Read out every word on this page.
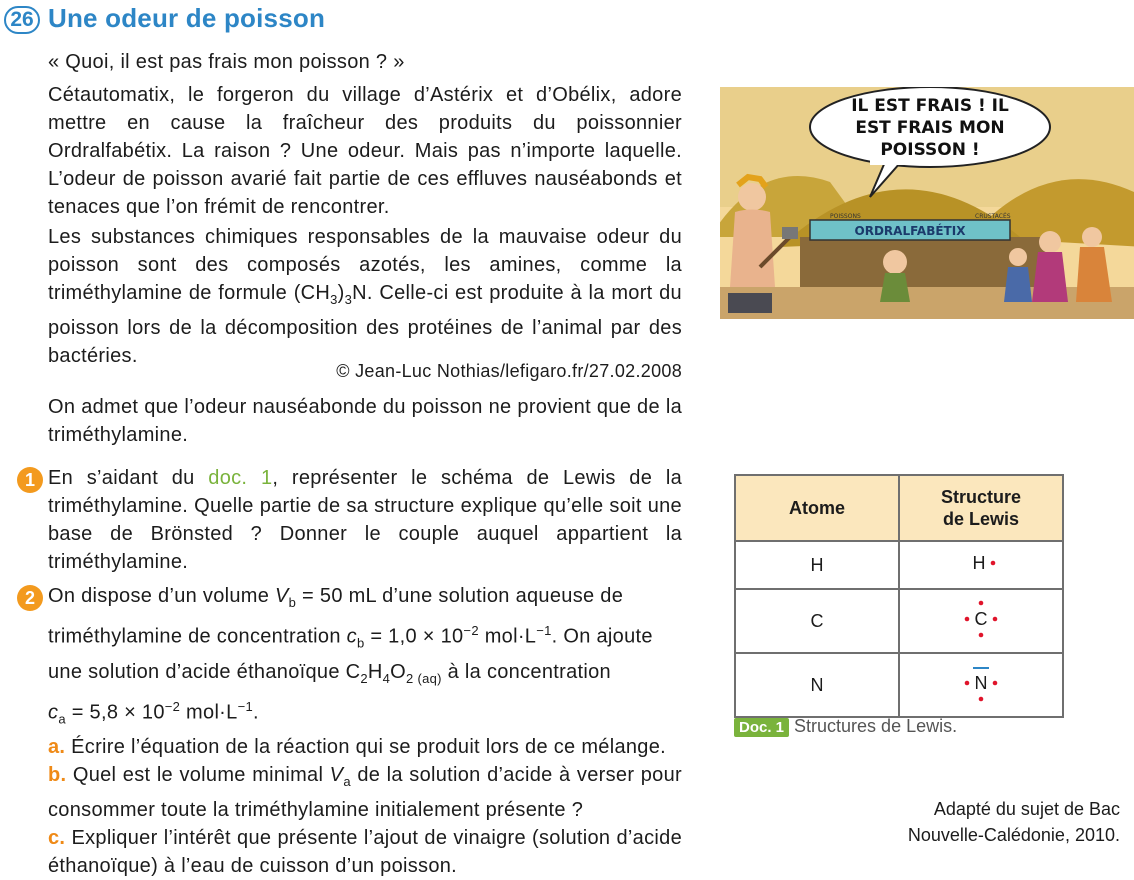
26 Une odeur de poisson
« Quoi, il est pas frais mon poisson ? »
Cétautomatix, le forgeron du village d’Astérix et d’Obélix, adore mettre en cause la fraîcheur des produits du poissonnier Ordralfabétix. La raison ? Une odeur. Mais pas n’importe laquelle. L’odeur de poisson avarié fait partie de ces effluves nauséabonds et tenaces que l’on frémit de rencontrer.
Les substances chimiques responsables de la mauvaise odeur du poisson sont des composés azotés, les amines, comme la triméthylamine de formule $(CH_3)_3N$. Celle-ci est produite à la mort du poisson lors de la décomposition des protéines de l’animal par des bactéries.
© Jean-Luc Nothias/lefigaro.fr/27.02.2008
On admet que l’odeur nauséabonde du poisson ne provient que de la triméthylamine.
1 En s’aidant du doc. 1, représenter le schéma de Lewis de la triméthylamine. Quelle partie de sa structure explique qu’elle soit une base de Brönsted ? Donner le couple auquel appartient la triméthylamine.
2 On dispose d’un volume $V_b = 50$ mL d’une solution aqueuse de
triméthylamine de concentration $c_b = 1,0 \times 10^{-2}$ $mol\cdot L^{-1}$. On ajoute
une solution d’acide éthanoïque $C_2H_4O_{2 (aq)}$ à la concentration
$c_a = 5,8 \times 10^{-2}$ $mol\cdot L^{-1}$.
a. Écrire l’équation de la réaction qui se produit lors de ce mélange.
b. Quel est le volume minimal $V_a$ de la solution d’acide à verser pour consommer toute la triméthylamine initialement présente ?
c. Expliquer l’intérêt que présente l’ajout de vinaigre (solution d’acide éthanoïque) à l’eau de cuisson d’un poisson.
ORDRALFABÉTIX
POISSONS	CRUSTACÉS
IL EST FRAIS ! IL
EST FRAIS MON
POISSON !
Atome	Structure
de Lewis
H	H

C	C

N	N
Doc. 1 Structures de Lewis.
Adapté du sujet de Bac
Nouvelle-Calédonie, 2010.
